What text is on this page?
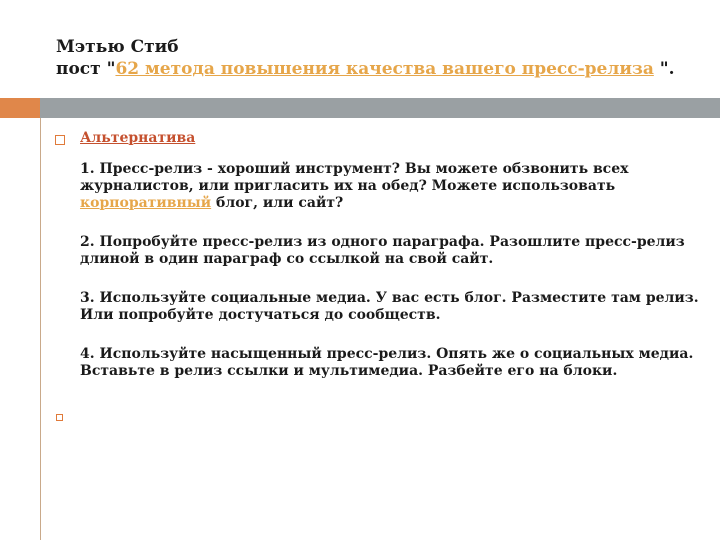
Мэтью Стиб
пост "62 метода повышения качества вашего пресс-релиза ".
Альтернатива

1. Пресс-релиз - хороший инструмент? Вы можете обзвонить всех журналистов, или пригласить их на обед? Можете использовать корпоративный блог, или сайт?

2. Попробуйте пресс-релиз из одного параграфа. Разошлите пресс-релиз длиной в один параграф со ссылкой на свой сайт.

3. Используйте социальные медиа. У вас есть блог. Разместите там релиз. Или попробуйте достучаться до сообществ.

4. Используйте насыщенный пресс-релиз. Опять же о социальных медиа. Вставьте в релиз ссылки и мультимедиа. Разбейте его на блоки.
